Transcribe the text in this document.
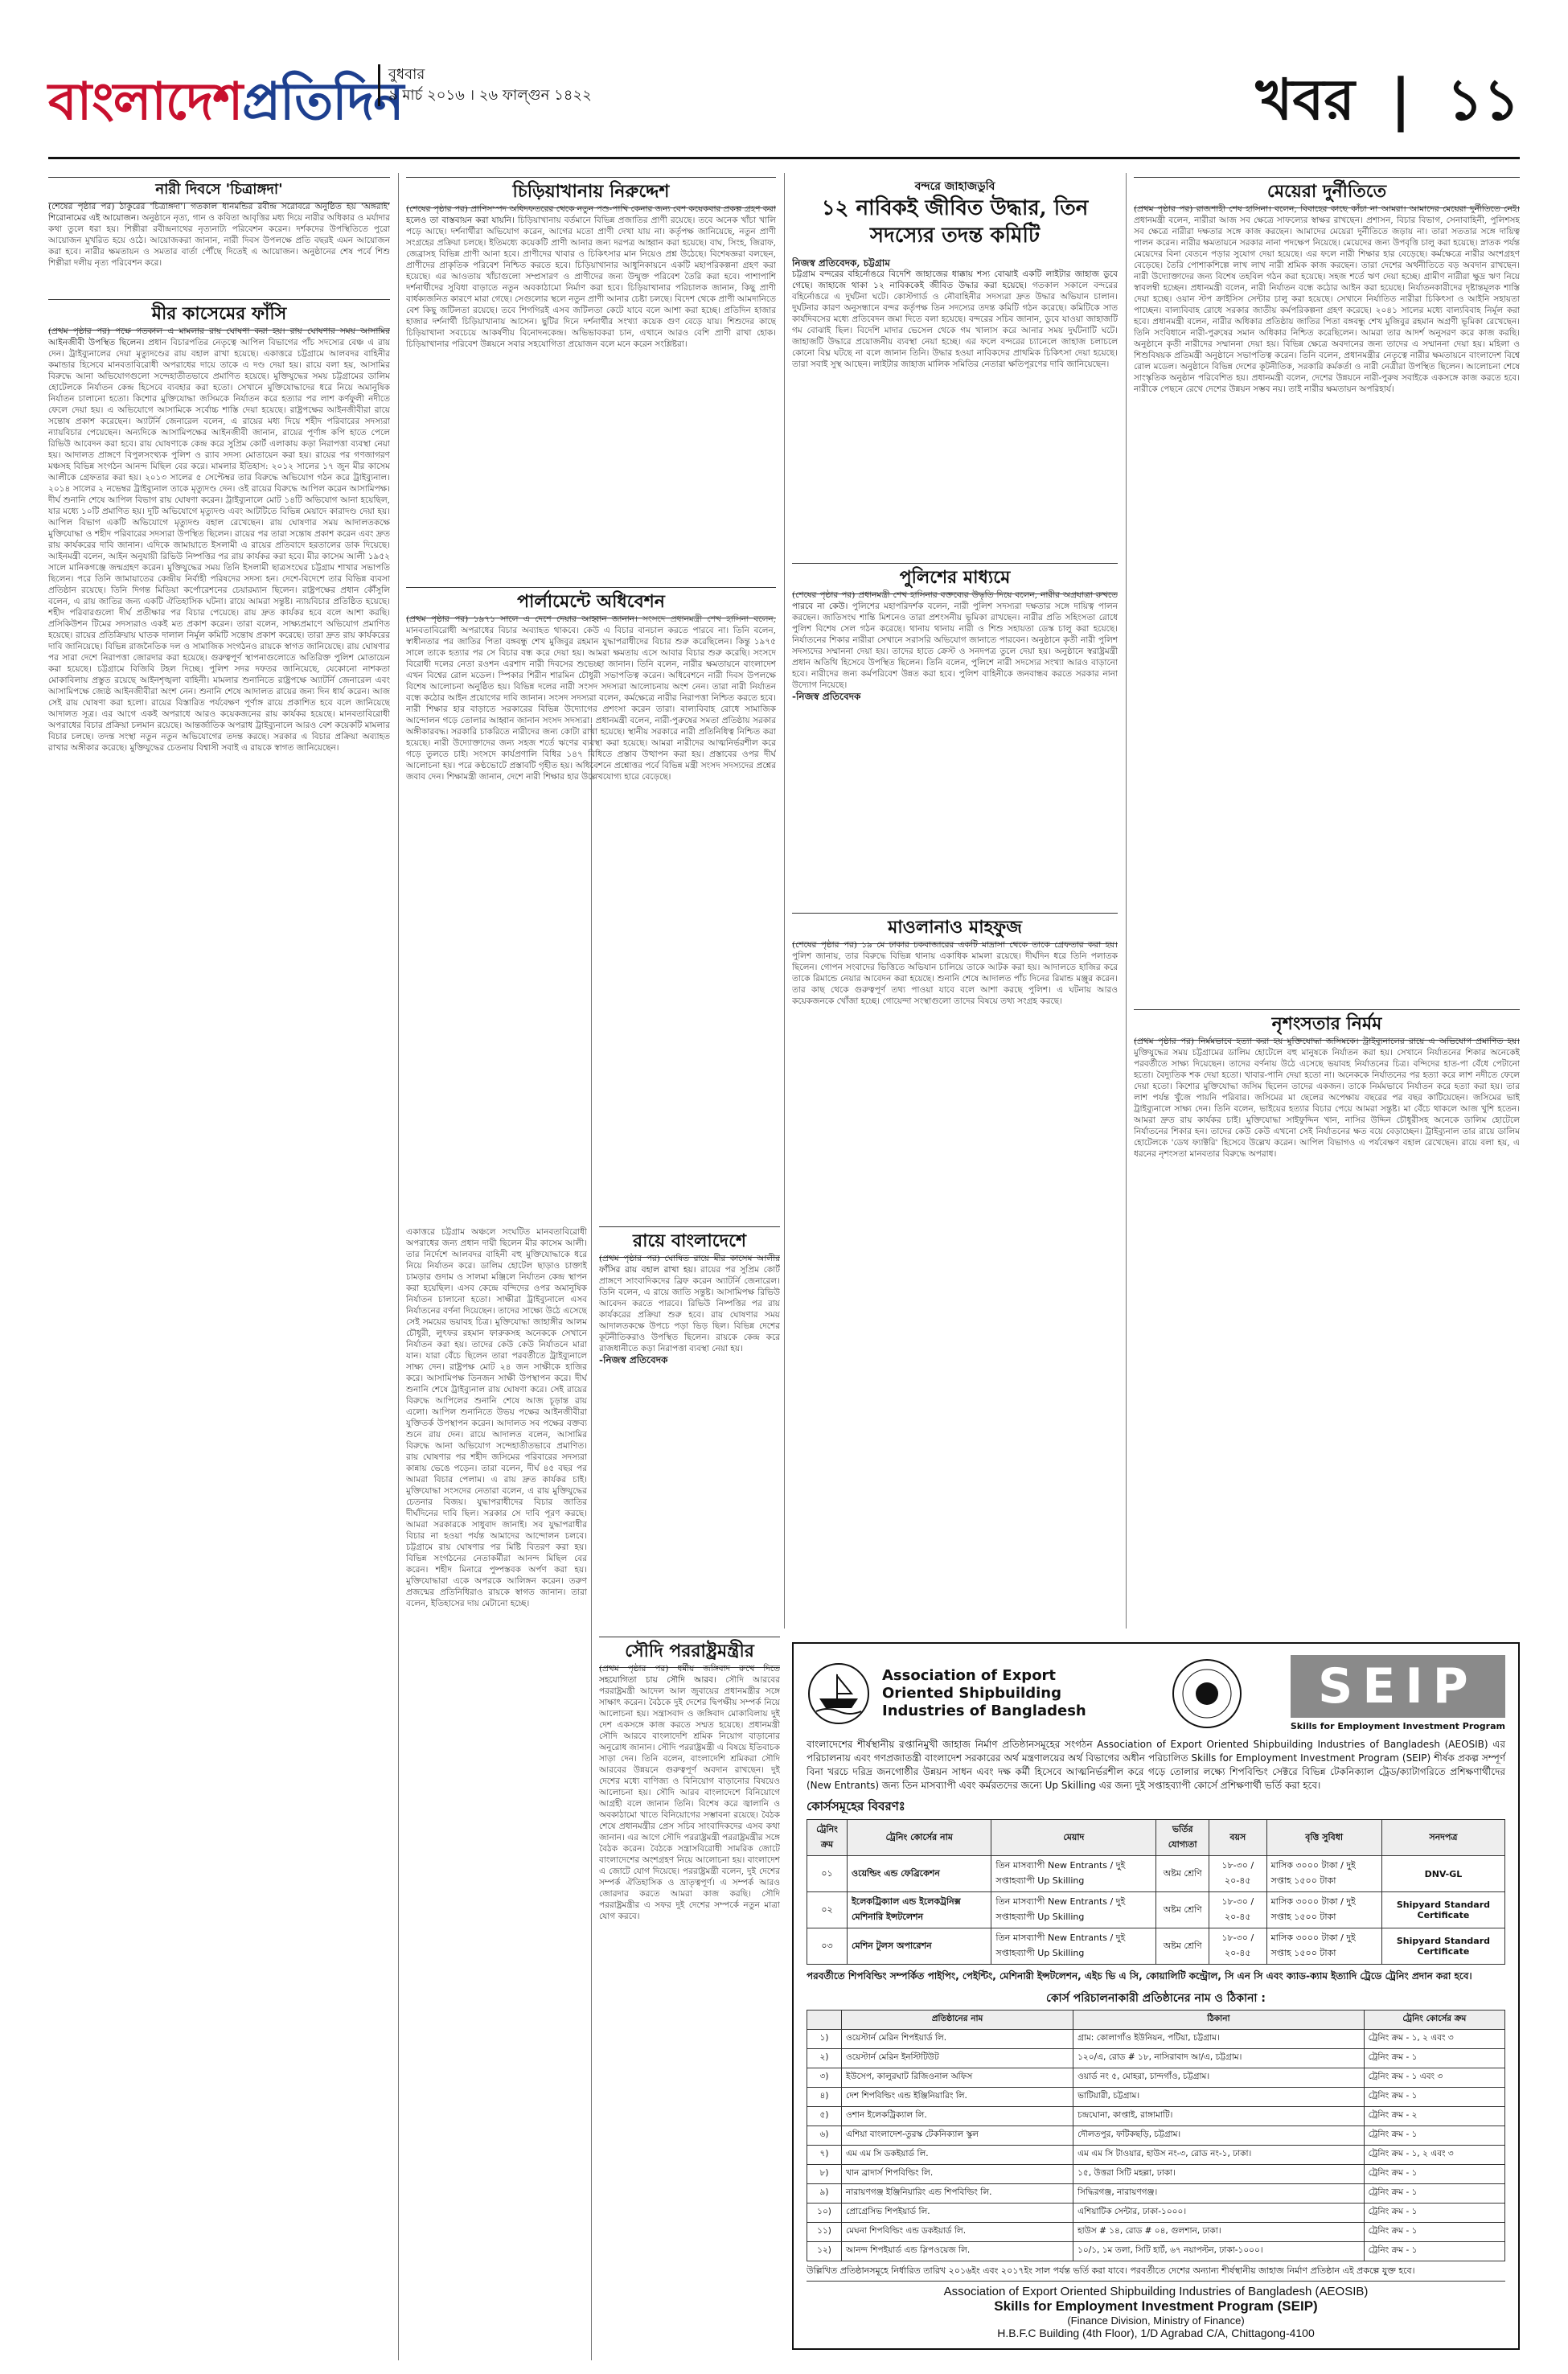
বাংলাদেশপ্রতিদিন
বুধবার
৯ মার্চ ২০১৬ । ২৬ ফাল্গুন ১৪২২	খবর | ১১
নারী দিবসে 'চিত্রাঙ্গদা'
(শেষের পৃষ্ঠার পর) ঠাকুরের 'চিত্রাঙ্গদা'। গতকাল ধানমন্ডির রবীন্দ্র সরোবরে অনুষ্ঠিত হয় 'অঙ্গরাই' শিরোনামের এই আয়োজন। অনুষ্ঠানে নৃত্য, গান ও কবিতা আবৃত্তির মধ্য দিয়ে নারীর অধিকার ও মর্যাদার কথা তুলে ধরা হয়। শিল্পীরা রবীন্দ্রনাথের নৃত্যনাট্য পরিবেশন করেন। দর্শকদের উপস্থিতিতে পুরো আয়োজন মুখরিত হয়ে ওঠে। আয়োজকরা জানান, নারী দিবস উপলক্ষে প্রতি বছরই এমন আয়োজন করা হবে। নারীর ক্ষমতায়ন ও সমতার বার্তা পৌঁছে দিতেই এ আয়োজন। অনুষ্ঠানের শেষ পর্বে শিশু শিল্পীরা দলীয় নৃত্য পরিবেশন করে।
মীর কাসেমের ফাঁসি
(প্রথম পৃষ্ঠার পর) পক্ষে গতকাল এ মামলার রায় ঘোষণা করা হয়। রায় ঘোষণার সময় আসামির আইনজীবী উপস্থিত ছিলেন। প্রধান বিচারপতির নেতৃত্বে আপিল বিভাগের পাঁচ সদস্যের বেঞ্চ এ রায় দেন। ট্রাইব্যুনালের দেয়া মৃত্যুদণ্ডের রায় বহাল রাখা হয়েছে। একাত্তরে চট্টগ্রামে আলবদর বাহিনীর কমান্ডার হিসেবে মানবতাবিরোধী অপরাধের দায়ে তাকে এ দণ্ড দেয়া হয়। রায়ে বলা হয়, আসামির বিরুদ্ধে আনা অভিযোগগুলো সন্দেহাতীতভাবে প্রমাণিত হয়েছে। মুক্তিযুদ্ধের সময় চট্টগ্রামের ডালিম হোটেলকে নির্যাতন কেন্দ্র হিসেবে ব্যবহার করা হতো। সেখানে মুক্তিযোদ্ধাদের ধরে নিয়ে অমানুষিক নির্যাতন চালানো হতো। কিশোর মুক্তিযোদ্ধা জসিমকে নির্যাতন করে হত্যার পর লাশ কর্ণফুলী নদীতে ফেলে দেয়া হয়। এ অভিযোগে আসামিকে সর্বোচ্চ শাস্তি দেয়া হয়েছে। রাষ্ট্রপক্ষের আইনজীবীরা রায়ে সন্তোষ প্রকাশ করেছেন। অ্যাটর্নি জেনারেল বলেন, এ রায়ের মধ্য দিয়ে শহীদ পরিবারের সদস্যরা ন্যায়বিচার পেয়েছেন। অন্যদিকে আসামিপক্ষের আইনজীবী জানান, রায়ের পূর্ণাঙ্গ কপি হাতে পেলে রিভিউ আবেদন করা হবে। রায় ঘোষণাকে কেন্দ্র করে সুপ্রিম কোর্ট এলাকায় কড়া নিরাপত্তা ব্যবস্থা নেয়া হয়। আদালত প্রাঙ্গণে বিপুলসংখ্যক পুলিশ ও র‌্যাব সদস্য মোতায়েন করা হয়। রায়ের পর গণজাগরণ মঞ্চসহ বিভিন্ন সংগঠন আনন্দ মিছিল বের করে। মামলার ইতিহাস: ২০১২ সালের ১৭ জুন মীর কাসেম আলীকে গ্রেফতার করা হয়। ২০১৩ সালের ৫ সেপ্টেম্বর তার বিরুদ্ধে অভিযোগ গঠন করে ট্রাইব্যুনাল। ২০১৪ সালের ২ নভেম্বর ট্রাইব্যুনাল তাকে মৃত্যুদণ্ড দেন। ওই রায়ের বিরুদ্ধে আপিল করেন আসামিপক্ষ। দীর্ঘ শুনানি শেষে আপিল বিভাগ রায় ঘোষণা করেন। ট্রাইব্যুনালে মোট ১৪টি অভিযোগ আনা হয়েছিল, যার মধ্যে ১০টি প্রমাণিত হয়। দুটি অভিযোগে মৃত্যুদণ্ড এবং আটটিতে বিভিন্ন মেয়াদে কারাদণ্ড দেয়া হয়। আপিল বিভাগ একটি অভিযোগে মৃত্যুদণ্ড বহাল রেখেছেন। রায় ঘোষণার সময় আদালতকক্ষে মুক্তিযোদ্ধা ও শহীদ পরিবারের সদস্যরা উপস্থিত ছিলেন। রায়ের পর তারা সন্তোষ প্রকাশ করেন এবং দ্রুত রায় কার্যকরের দাবি জানান। এদিকে জামায়াতে ইসলামী এ রায়ের প্রতিবাদে হরতালের ডাক দিয়েছে। আইনমন্ত্রী বলেন, আইন অনুযায়ী রিভিউ নিষ্পত্তির পর রায় কার্যকর করা হবে। মীর কাসেম আলী ১৯৫২ সালে মানিকগঞ্জে জন্মগ্রহণ করেন। মুক্তিযুদ্ধের সময় তিনি ইসলামী ছাত্রসংঘের চট্টগ্রাম শাখার সভাপতি ছিলেন। পরে তিনি জামায়াতের কেন্দ্রীয় নির্বাহী পরিষদের সদস্য হন। দেশে-বিদেশে তার বিভিন্ন ব্যবসা প্রতিষ্ঠান রয়েছে। তিনি দিগন্ত মিডিয়া কর্পোরেশনের চেয়ারম্যান ছিলেন। রাষ্ট্রপক্ষের প্রধান কৌঁসুলি বলেন, এ রায় জাতির জন্য একটি ঐতিহাসিক ঘটনা। রায়ে আমরা সন্তুষ্ট। ন্যায়বিচার প্রতিষ্ঠিত হয়েছে। শহীদ পরিবারগুলো দীর্ঘ প্রতীক্ষার পর বিচার পেয়েছে। রায় দ্রুত কার্যকর হবে বলে আশা করছি। প্রসিকিউশন টিমের সদস্যরাও একই মত প্রকাশ করেন। তারা বলেন, সাক্ষ্যপ্রমাণে অভিযোগ প্রমাণিত হয়েছে। রায়ের প্রতিক্রিয়ায় ঘাতক দালাল নির্মূল কমিটি সন্তোষ প্রকাশ করেছে। তারা দ্রুত রায় কার্যকরের দাবি জানিয়েছে। বিভিন্ন রাজনৈতিক দল ও সামাজিক সংগঠনও রায়কে স্বাগত জানিয়েছে। রায় ঘোষণার পর সারা দেশে নিরাপত্তা জোরদার করা হয়েছে। গুরুত্বপূর্ণ স্থাপনাগুলোতে অতিরিক্ত পুলিশ মোতায়েন করা হয়েছে। চট্টগ্রামে বিজিবি টহল দিচ্ছে। পুলিশ সদর দফতর জানিয়েছে, যেকোনো নাশকতা মোকাবিলায় প্রস্তুত রয়েছে আইনশৃঙ্খলা বাহিনী। মামলার শুনানিতে রাষ্ট্রপক্ষে অ্যাটর্নি জেনারেল এবং আসামিপক্ষে জ্যেষ্ঠ আইনজীবীরা অংশ নেন। শুনানি শেষে আদালত রায়ের জন্য দিন ধার্য করেন। আজ সেই রায় ঘোষণা করা হলো। রায়ের বিস্তারিত পর্যবেক্ষণ পূর্ণাঙ্গ রায়ে প্রকাশিত হবে বলে জানিয়েছে আদালত সূত্র। এর আগে একই অপরাধে আরও কয়েকজনের রায় কার্যকর হয়েছে। মানবতাবিরোধী অপরাধের বিচার প্রক্রিয়া চলমান রয়েছে। আন্তর্জাতিক অপরাধ ট্রাইব্যুনালে আরও বেশ কয়েকটি মামলার বিচার চলছে। তদন্ত সংস্থা নতুন নতুন অভিযোগের তদন্ত করছে। সরকার এ বিচার প্রক্রিয়া অব্যাহত রাখার অঙ্গীকার করেছে। মুক্তিযুদ্ধের চেতনায় বিশ্বাসী সবাই এ রায়কে স্বাগত জানিয়েছেন।
চিড়িয়াখানায় নিরুদ্দেশ
(শেষের পৃষ্ঠার পর) প্রাণিসম্পদ অধিদফতরের থেকে নতুন পশু-পাখি কেনার জন্য বেশ কয়েকবার প্রকল্প গ্রহণ করা হলেও তা বাস্তবায়ন করা যায়নি। চিড়িয়াখানায় বর্তমানে বিভিন্ন প্রজাতির প্রাণী রয়েছে। তবে অনেক খাঁচা খালি পড়ে আছে। দর্শনার্থীরা অভিযোগ করেন, আগের মতো প্রাণী দেখা যায় না। কর্তৃপক্ষ জানিয়েছে, নতুন প্রাণী সংগ্রহের প্রক্রিয়া চলছে। ইতিমধ্যে কয়েকটি প্রাণী আনার জন্য দরপত্র আহ্বান করা হয়েছে। বাঘ, সিংহ, জিরাফ, জেব্রাসহ বিভিন্ন প্রাণী আনা হবে। প্রাণীদের খাবার ও চিকিৎসার মান নিয়েও প্রশ্ন উঠেছে। বিশেষজ্ঞরা বলছেন, প্রাণীদের প্রাকৃতিক পরিবেশ নিশ্চিত করতে হবে। চিড়িয়াখানার আধুনিকায়নে একটি মহাপরিকল্পনা গ্রহণ করা হয়েছে। এর আওতায় খাঁচাগুলো সম্প্রসারণ ও প্রাণীদের জন্য উন্মুক্ত পরিবেশ তৈরি করা হবে। পাশাপাশি দর্শনার্থীদের সুবিধা বাড়াতে নতুন অবকাঠামো নির্মাণ করা হবে। চিড়িয়াখানার পরিচালক জানান, কিছু প্রাণী বার্ধক্যজনিত কারণে মারা গেছে। সেগুলোর স্থলে নতুন প্রাণী আনার চেষ্টা চলছে। বিদেশ থেকে প্রাণী আমদানিতে বেশ কিছু জটিলতা রয়েছে। তবে শিগগিরই এসব জটিলতা কেটে যাবে বলে আশা করা হচ্ছে। প্রতিদিন হাজার হাজার দর্শনার্থী চিড়িয়াখানায় আসেন। ছুটির দিনে দর্শনার্থীর সংখ্যা কয়েক গুণ বেড়ে যায়। শিশুদের কাছে চিড়িয়াখানা সবচেয়ে আকর্ষণীয় বিনোদনকেন্দ্র। অভিভাবকরা চান, এখানে আরও বেশি প্রাণী রাখা হোক। চিড়িয়াখানার পরিবেশ উন্নয়নে সবার সহযোগিতা প্রয়োজন বলে মনে করেন সংশ্লিষ্টরা।
পার্লামেন্টে অধিবেশন
(প্রথম পৃষ্ঠার পর) ১৯৭১ সালে এ দেশে দেয়ার আহ্বান জানান। সংসদে প্রধানমন্ত্রী শেখ হাসিনা বলেন, মানবতাবিরোধী অপরাধের বিচার অব্যাহত থাকবে। কেউ এ বিচার বানচাল করতে পারবে না। তিনি বলেন, স্বাধীনতার পর জাতির পিতা বঙ্গবন্ধু শেখ মুজিবুর রহমান যুদ্ধাপরাধীদের বিচার শুরু করেছিলেন। কিন্তু ১৯৭৫ সালে তাকে হত্যার পর সে বিচার বন্ধ করে দেয়া হয়। আমরা ক্ষমতায় এসে আবার বিচার শুরু করেছি। সংসদে বিরোধী দলের নেতা রওশন এরশাদ নারী দিবসের শুভেচ্ছা জানান। তিনি বলেন, নারীর ক্ষমতায়নে বাংলাদেশ এখন বিশ্বের রোল মডেল। স্পিকার শিরীন শারমিন চৌধুরী সভাপতিত্ব করেন। অধিবেশনে নারী দিবস উপলক্ষে বিশেষ আলোচনা অনুষ্ঠিত হয়। বিভিন্ন দলের নারী সংসদ সদস্যরা আলোচনায় অংশ নেন। তারা নারী নির্যাতন বন্ধে কঠোর আইন প্রয়োগের দাবি জানান। সংসদ সদস্যরা বলেন, কর্মক্ষেত্রে নারীর নিরাপত্তা নিশ্চিত করতে হবে। নারী শিক্ষার হার বাড়াতে সরকারের বিভিন্ন উদ্যোগের প্রশংসা করেন তারা। বাল্যবিবাহ রোধে সামাজিক আন্দোলন গড়ে তোলার আহ্বান জানান সংসদ সদস্যরা। প্রধানমন্ত্রী বলেন, নারী-পুরুষের সমতা প্রতিষ্ঠায় সরকার অঙ্গীকারবদ্ধ। সরকারি চাকরিতে নারীদের জন্য কোটা রাখা হয়েছে। স্থানীয় সরকারে নারী প্রতিনিধিত্ব নিশ্চিত করা হয়েছে। নারী উদ্যোক্তাদের জন্য সহজ শর্তে ঋণের ব্যবস্থা করা হয়েছে। আমরা নারীদের আত্মনির্ভরশীল করে গড়ে তুলতে চাই। সংসদে কার্যপ্রণালি বিধির ১৪৭ বিধিতে প্রস্তাব উত্থাপন করা হয়। প্রস্তাবের ওপর দীর্ঘ আলোচনা হয়। পরে কণ্ঠভোটে প্রস্তাবটি গৃহীত হয়। অধিবেশনে প্রশ্নোত্তর পর্বে বিভিন্ন মন্ত্রী সংসদ সদস্যদের প্রশ্নের জবাব দেন। শিক্ষামন্ত্রী জানান, দেশে নারী শিক্ষার হার উল্লেখযোগ্য হারে বেড়েছে।
রায়ে বাংলাদেশে
(প্রথম পৃষ্ঠার পর) ঘোষিত রায়ে মীর কাসেম আলীর ফাঁসির রায় বহাল রাখা হয়। রায়ের পর সুপ্রিম কোর্ট প্রাঙ্গণে সাংবাদিকদের ব্রিফ করেন অ্যাটর্নি জেনারেল। তিনি বলেন, এ রায়ে জাতি সন্তুষ্ট। আসামিপক্ষ রিভিউ আবেদন করতে পারবে। রিভিউ নিষ্পত্তির পর রায় কার্যকরের প্রক্রিয়া শুরু হবে। রায় ঘোষণার সময় আদালতকক্ষে উপচে পড়া ভিড় ছিল। বিভিন্ন দেশের কূটনীতিকরাও উপস্থিত ছিলেন। রায়কে কেন্দ্র করে রাজধানীতে কড়া নিরাপত্তা ব্যবস্থা নেয়া হয়।
-নিজস্ব প্রতিবেদক
একাত্তরে চট্টগ্রাম অঞ্চলে সংঘটিত মানবতাবিরোধী অপরাধের জন্য প্রধান দায়ী ছিলেন মীর কাসেম আলী। তার নির্দেশে আলবদর বাহিনী বহু মুক্তিযোদ্ধাকে ধরে নিয়ে নির্যাতন করে। ডালিম হোটেল ছাড়াও চাক্তাই চামড়ার গুদাম ও সালমা মঞ্জিলে নির্যাতন কেন্দ্র স্থাপন করা হয়েছিল। এসব কেন্দ্রে বন্দিদের ওপর অমানুষিক নির্যাতন চালানো হতো। সাক্ষীরা ট্রাইব্যুনালে এসব নির্যাতনের বর্ণনা দিয়েছেন। তাদের সাক্ষ্যে উঠে এসেছে সেই সময়ের ভয়াবহ চিত্র। মুক্তিযোদ্ধা জাহাঙ্গীর আলম চৌধুরী, লুৎফর রহমান ফারুকসহ অনেককে সেখানে নির্যাতন করা হয়। তাদের কেউ কেউ নির্যাতনে মারা যান। যারা বেঁচে ছিলেন তারা পরবর্তীতে ট্রাইব্যুনালে সাক্ষ্য দেন। রাষ্ট্রপক্ষ মোট ২৪ জন সাক্ষীকে হাজির করে। আসামিপক্ষ তিনজন সাক্ষী উপস্থাপন করে। দীর্ঘ শুনানি শেষে ট্রাইব্যুনাল রায় ঘোষণা করে। সেই রায়ের বিরুদ্ধে আপিলের শুনানি শেষে আজ চূড়ান্ত রায় এলো। আপিল শুনানিতে উভয় পক্ষের আইনজীবীরা যুক্তিতর্ক উপস্থাপন করেন। আদালত সব পক্ষের বক্তব্য শুনে রায় দেন। রায়ে আদালত বলেন, আসামির বিরুদ্ধে আনা অভিযোগ সন্দেহাতীতভাবে প্রমাণিত। রায় ঘোষণার পর শহীদ জসিমের পরিবারের সদস্যরা কান্নায় ভেঙে পড়েন। তারা বলেন, দীর্ঘ ৪৫ বছর পর আমরা বিচার পেলাম। এ রায় দ্রুত কার্যকর চাই। মুক্তিযোদ্ধা সংসদের নেতারা বলেন, এ রায় মুক্তিযুদ্ধের চেতনার বিজয়। যুদ্ধাপরাধীদের বিচার জাতির দীর্ঘদিনের দাবি ছিল। সরকার সে দাবি পূরণ করছে। আমরা সরকারকে সাধুবাদ জানাই। সব যুদ্ধাপরাধীর বিচার না হওয়া পর্যন্ত আমাদের আন্দোলন চলবে। চট্টগ্রামে রায় ঘোষণার পর মিষ্টি বিতরণ করা হয়। বিভিন্ন সংগঠনের নেতাকর্মীরা আনন্দ মিছিল বের করেন। শহীদ মিনারে পুষ্পস্তবক অর্পণ করা হয়। মুক্তিযোদ্ধারা একে অপরকে আলিঙ্গন করেন। তরুণ প্রজন্মের প্রতিনিধিরাও রায়কে স্বাগত জানান। তারা বলেন, ইতিহাসের দায় মেটানো হচ্ছে।
বন্দরে জাহাজডুবি
১২ নাবিকই জীবিত উদ্ধার, তিন সদস্যের তদন্ত কমিটি
নিজস্ব প্রতিবেদক, চট্টগ্রাম
চট্টগ্রাম বন্দরের বহির্নোঙরে বিদেশি জাহাজের ধাক্কায় শস্য বোঝাই একটি লাইটার জাহাজ ডুবে গেছে। জাহাজে থাকা ১২ নাবিককেই জীবিত উদ্ধার করা হয়েছে। গতকাল সকালে বন্দরের বহির্নোঙরে এ দুর্ঘটনা ঘটে। কোস্টগার্ড ও নৌবাহিনীর সদস্যরা দ্রুত উদ্ধার অভিযান চালান। দুর্ঘটনার কারণ অনুসন্ধানে বন্দর কর্তৃপক্ষ তিন সদস্যের তদন্ত কমিটি গঠন করেছে। কমিটিকে সাত কার্যদিবসের মধ্যে প্রতিবেদন জমা দিতে বলা হয়েছে। বন্দরের সচিব জানান, ডুবে যাওয়া জাহাজটি গম বোঝাই ছিল। বিদেশি মাদার ভেসেল থেকে গম খালাস করে আনার সময় দুর্ঘটনাটি ঘটে। জাহাজটি উদ্ধারে প্রয়োজনীয় ব্যবস্থা নেয়া হচ্ছে। এর ফলে বন্দরের চ্যানেলে জাহাজ চলাচলে কোনো বিঘ্ন ঘটছে না বলে জানান তিনি। উদ্ধার হওয়া নাবিকদের প্রাথমিক চিকিৎসা দেয়া হয়েছে। তারা সবাই সুস্থ আছেন। লাইটার জাহাজ মালিক সমিতির নেতারা ক্ষতিপূরণের দাবি জানিয়েছেন।
পুলিশের মাধ্যমে
(শেষের পৃষ্ঠার পর) প্রধানমন্ত্রী শেখ হাসিনার বক্তব্যের উদ্ধৃতি দিয়ে বলেন, নারীর অগ্রযাত্রা রুখতে পারবে না কেউ। পুলিশের মহাপরিদর্শক বলেন, নারী পুলিশ সদস্যরা দক্ষতার সঙ্গে দায়িত্ব পালন করছেন। জাতিসংঘ শান্তি মিশনেও তারা প্রশংসনীয় ভূমিকা রাখছেন। নারীর প্রতি সহিংসতা রোধে পুলিশ বিশেষ সেল গঠন করেছে। থানায় থানায় নারী ও শিশু সহায়তা ডেস্ক চালু করা হয়েছে। নির্যাতনের শিকার নারীরা সেখানে সরাসরি অভিযোগ জানাতে পারবেন। অনুষ্ঠানে কৃতী নারী পুলিশ সদস্যদের সম্মাননা দেয়া হয়। তাদের হাতে ক্রেস্ট ও সনদপত্র তুলে দেয়া হয়। অনুষ্ঠানে স্বরাষ্ট্রমন্ত্রী প্রধান অতিথি হিসেবে উপস্থিত ছিলেন। তিনি বলেন, পুলিশে নারী সদস্যের সংখ্যা আরও বাড়ানো হবে। নারীদের জন্য কর্মপরিবেশ উন্নত করা হবে। পুলিশ বাহিনীকে জনবান্ধব করতে সরকার নানা উদ্যোগ নিয়েছে।
-নিজস্ব প্রতিবেদক
মাওলানাও মাহফুজ
(শেষের পৃষ্ঠার পর) ১৯ মে ঢাকার চকবাজারের একটি মাদ্রাসা থেকে তাকে গ্রেফতার করা হয়। পুলিশ জানায়, তার বিরুদ্ধে বিভিন্ন থানায় একাধিক মামলা রয়েছে। দীর্ঘদিন ধরে তিনি পলাতক ছিলেন। গোপন সংবাদের ভিত্তিতে অভিযান চালিয়ে তাকে আটক করা হয়। আদালতে হাজির করে তাকে রিমান্ডে নেয়ার আবেদন করা হয়েছে। শুনানি শেষে আদালত পাঁচ দিনের রিমান্ড মঞ্জুর করেন। তার কাছ থেকে গুরুত্বপূর্ণ তথ্য পাওয়া যাবে বলে আশা করছে পুলিশ। এ ঘটনায় আরও কয়েকজনকে খোঁজা হচ্ছে। গোয়েন্দা সংস্থাগুলো তাদের বিষয়ে তথ্য সংগ্রহ করছে।
সৌদি পররাষ্ট্রমন্ত্রীর
(প্রথম পৃষ্ঠার পর) ধর্মীয় জঙ্গিবাদ রুখে দিতে সহযোগিতা চায় সৌদি আরব। সৌদি আরবের পররাষ্ট্রমন্ত্রী আদেল আল জুবায়ের প্রধানমন্ত্রীর সঙ্গে সাক্ষাৎ করেন। বৈঠকে দুই দেশের দ্বিপক্ষীয় সম্পর্ক নিয়ে আলোচনা হয়। সন্ত্রাসবাদ ও জঙ্গিবাদ মোকাবিলায় দুই দেশ একসঙ্গে কাজ করতে সম্মত হয়েছে। প্রধানমন্ত্রী সৌদি আরবে বাংলাদেশি শ্রমিক নিয়োগ বাড়ানোর অনুরোধ জানান। সৌদি পররাষ্ট্রমন্ত্রী এ বিষয়ে ইতিবাচক সাড়া দেন। তিনি বলেন, বাংলাদেশি শ্রমিকরা সৌদি আরবের উন্নয়নে গুরুত্বপূর্ণ অবদান রাখছেন। দুই দেশের মধ্যে বাণিজ্য ও বিনিয়োগ বাড়ানোর বিষয়েও আলোচনা হয়। সৌদি আরব বাংলাদেশে বিনিয়োগে আগ্রহী বলে জানান তিনি। বিশেষ করে জ্বালানি ও অবকাঠামো খাতে বিনিয়োগের সম্ভাবনা রয়েছে। বৈঠক শেষে প্রধানমন্ত্রীর প্রেস সচিব সাংবাদিকদের এসব কথা জানান। এর আগে সৌদি পররাষ্ট্রমন্ত্রী পররাষ্ট্রমন্ত্রীর সঙ্গে বৈঠক করেন। বৈঠকে সন্ত্রাসবিরোধী সামরিক জোটে বাংলাদেশের অংশগ্রহণ নিয়ে আলোচনা হয়। বাংলাদেশ এ জোটে যোগ দিয়েছে। পররাষ্ট্রমন্ত্রী বলেন, দুই দেশের সম্পর্ক ঐতিহাসিক ও ভ্রাতৃত্বপূর্ণ। এ সম্পর্ক আরও জোরদার করতে আমরা কাজ করছি। সৌদি পররাষ্ট্রমন্ত্রীর এ সফর দুই দেশের সম্পর্কে নতুন মাত্রা যোগ করবে।
মেয়েরা দুর্নীতিতে
(প্রথম পৃষ্ঠার পর) রাজশাহী শেষ হাসিনা। বলেন, বিবাহের কাছে কাঁচা না আমরা। আমাদের মেয়েরা দুর্নীতিতে নেই। প্রধানমন্ত্রী বলেন, নারীরা আজ সব ক্ষেত্রে সাফল্যের স্বাক্ষর রাখছেন। প্রশাসন, বিচার বিভাগ, সেনাবাহিনী, পুলিশসহ সব ক্ষেত্রে নারীরা দক্ষতার সঙ্গে কাজ করছেন। আমাদের মেয়েরা দুর্নীতিতে জড়ায় না। তারা সততার সঙ্গে দায়িত্ব পালন করেন। নারীর ক্ষমতায়নে সরকার নানা পদক্ষেপ নিয়েছে। মেয়েদের জন্য উপবৃত্তি চালু করা হয়েছে। স্নাতক পর্যন্ত মেয়েদের বিনা বেতনে পড়ার সুযোগ দেয়া হয়েছে। এর ফলে নারী শিক্ষার হার বেড়েছে। কর্মক্ষেত্রে নারীর অংশগ্রহণ বেড়েছে। তৈরি পোশাকশিল্পে লাখ লাখ নারী শ্রমিক কাজ করছেন। তারা দেশের অর্থনীতিতে বড় অবদান রাখছেন। নারী উদ্যোক্তাদের জন্য বিশেষ তহবিল গঠন করা হয়েছে। সহজ শর্তে ঋণ দেয়া হচ্ছে। গ্রামীণ নারীরা ক্ষুদ্র ঋণ নিয়ে স্বাবলম্বী হচ্ছেন। প্রধানমন্ত্রী বলেন, নারী নির্যাতন বন্ধে কঠোর আইন করা হয়েছে। নির্যাতনকারীদের দৃষ্টান্তমূলক শাস্তি দেয়া হচ্ছে। ওয়ান স্টপ ক্রাইসিস সেন্টার চালু করা হয়েছে। সেখানে নির্যাতিত নারীরা চিকিৎসা ও আইনি সহায়তা পাচ্ছেন। বাল্যবিবাহ রোধে সরকার জাতীয় কর্মপরিকল্পনা গ্রহণ করেছে। ২০৪১ সালের মধ্যে বাল্যবিবাহ নির্মূল করা হবে। প্রধানমন্ত্রী বলেন, নারীর অধিকার প্রতিষ্ঠায় জাতির পিতা বঙ্গবন্ধু শেখ মুজিবুর রহমান অগ্রণী ভূমিকা রেখেছেন। তিনি সংবিধানে নারী-পুরুষের সমান অধিকার নিশ্চিত করেছিলেন। আমরা তার আদর্শ অনুসরণ করে কাজ করছি। অনুষ্ঠানে কৃতী নারীদের সম্মাননা দেয়া হয়। বিভিন্ন ক্ষেত্রে অবদানের জন্য তাদের এ সম্মাননা দেয়া হয়। মহিলা ও শিশুবিষয়ক প্রতিমন্ত্রী অনুষ্ঠানে সভাপতিত্ব করেন। তিনি বলেন, প্রধানমন্ত্রীর নেতৃত্বে নারীর ক্ষমতায়নে বাংলাদেশ বিশ্বে রোল মডেল। অনুষ্ঠানে বিভিন্ন দেশের কূটনীতিক, সরকারি কর্মকর্তা ও নারী নেত্রীরা উপস্থিত ছিলেন। আলোচনা শেষে সাংস্কৃতিক অনুষ্ঠান পরিবেশিত হয়। প্রধানমন্ত্রী বলেন, দেশের উন্নয়নে নারী-পুরুষ সবাইকে একসঙ্গে কাজ করতে হবে। নারীকে পেছনে রেখে দেশের উন্নয়ন সম্ভব নয়। তাই নারীর ক্ষমতায়ন অপরিহার্য।
নৃশংসতার নির্মম
(প্রথম পৃষ্ঠার পর) নির্মমভাবে হত্যা করা হয় মুক্তিযোদ্ধা জসিমকে। ট্রাইব্যুনালের রায়ে এ অভিযোগ প্রমাণিত হয়। মুক্তিযুদ্ধের সময় চট্টগ্রামের ডালিম হোটেলে বহু মানুষকে নির্যাতন করা হয়। সেখানে নির্যাতনের শিকার অনেকেই পরবর্তীতে সাক্ষ্য দিয়েছেন। তাদের বর্ণনায় উঠে এসেছে ভয়াবহ নির্যাতনের চিত্র। বন্দিদের হাত-পা বেঁধে পেটানো হতো। বৈদ্যুতিক শক দেয়া হতো। খাবার-পানি দেয়া হতো না। অনেককে নির্যাতনের পর হত্যা করে লাশ নদীতে ফেলে দেয়া হতো। কিশোর মুক্তিযোদ্ধা জসিম ছিলেন তাদের একজন। তাকে নির্মমভাবে নির্যাতন করে হত্যা করা হয়। তার লাশ পর্যন্ত খুঁজে পায়নি পরিবার। জসিমের মা ছেলের অপেক্ষায় বছরের পর বছর কাটিয়েছেন। জসিমের ভাই ট্রাইব্যুনালে সাক্ষ্য দেন। তিনি বলেন, ভাইয়ের হত্যার বিচার পেয়ে আমরা সন্তুষ্ট। মা বেঁচে থাকলে আজ খুশি হতেন। আমরা দ্রুত রায় কার্যকর চাই। মুক্তিযোদ্ধা সাইফুদ্দিন খান, নাসির উদ্দিন চৌধুরীসহ অনেকে ডালিম হোটেলে নির্যাতনের শিকার হন। তাদের কেউ কেউ এখনো সেই নির্যাতনের ক্ষত বয়ে বেড়াচ্ছেন। ট্রাইব্যুনাল তার রায়ে ডালিম হোটেলকে 'ডেথ ফ্যাক্টরি' হিসেবে উল্লেখ করেন। আপিল বিভাগও এ পর্যবেক্ষণ বহাল রেখেছেন। রায়ে বলা হয়, এ ধরনের নৃশংসতা মানবতার বিরুদ্ধে অপরাধ।
Association of Export Oriented Shipbuilding Industries of Bangladesh	SEIP
Skills for Employment Investment Program
বাংলাদেশের শীর্ষস্থানীয় রপ্তানিমুখী জাহাজ নির্মাণ প্রতিষ্ঠানসমূহের সংগঠন Association of Export Oriented Shipbuilding Industries of Bangladesh (AEOSIB) এর পরিচালনায় এবং গণপ্রজাতন্ত্রী বাংলাদেশ সরকারের অর্থ মন্ত্রণালয়ের অর্থ বিভাগের অধীন পরিচালিত Skills for Employment Investment Program (SEIP) শীর্ষক প্রকল্প সম্পূর্ণ বিনা খরচে দরিদ্র জনগোষ্ঠীর উন্নয়ন সাধন এবং দক্ষ কর্মী হিসেবে আত্মনির্ভরশীল করে গড়ে তোলার লক্ষ্যে শিপবিল্ডিং সেক্টরে বিভিন্ন টেকনিক্যাল ট্রেড/ক্যাটাগরিতে প্রশিক্ষণার্থীদের (New Entrants) জন্য তিন মাসব্যাপী এবং কর্মরতদের জন্যে Up Skilling এর জন্য দুই সপ্তাহব্যাপী কোর্সে প্রশিক্ষণার্থী ভর্তি করা হবে।
কোর্সসমূহের বিবরণঃ
ট্রেনিং ক্রম	ট্রেনিং কোর্সের নাম	মেয়াদ	ভর্তির যোগ্যতা	বয়স	বৃত্তি সুবিধা	সনদপত্র
০১	ওয়েল্ডিং এন্ড ফেব্রিকেশন	তিন মাসব্যাপী New Entrants / দুই সপ্তাহব্যাপী Up Skilling	অষ্টম শ্রেণি	১৮-৩০ / ২০-৪৫	মাসিক ৩০০০ টাকা / দুই সপ্তাহ ১৫০০ টাকা	DNV-GL
০২	ইলেকট্রিক্যাল এন্ড ইলেকট্রনিক্স মেশিনারি ইন্সটলেশন	তিন মাসব্যাপী New Entrants / দুই সপ্তাহব্যাপী Up Skilling	অষ্টম শ্রেণি	১৮-৩০ / ২০-৪৫	মাসিক ৩০০০ টাকা / দুই সপ্তাহ ১৫০০ টাকা	Shipyard Standard Certificate
০৩	মেশিন টুলস অপারেশন	তিন মাসব্যাপী New Entrants / দুই সপ্তাহব্যাপী Up Skilling	অষ্টম শ্রেণি	১৮-৩০ / ২০-৪৫	মাসিক ৩০০০ টাকা / দুই সপ্তাহ ১৫০০ টাকা	Shipyard Standard Certificate
পরবর্তীতে শিপবিল্ডিং সম্পর্কিত পাইপিং, পেইন্টিং, মেশিনারী ইন্সটলেশন, এইচ ভি এ সি, কোয়ালিটি কন্ট্রোল, সি এন সি এবং ক্যাড-ক্যাম ইত্যাদি ট্রেডে ট্রেনিং প্রদান করা হবে।
কোর্স পরিচালনাকারী প্রতিষ্ঠানের নাম ও ঠিকানা :
	প্রতিষ্ঠানের নাম	ঠিকানা	ট্রেনিং কোর্সের ক্রম
১)	ওয়েস্টার্ন মেরিন শিপইয়ার্ড লি.	গ্রাম: কোলাগাঁও ইউনিয়ন, পটিয়া, চট্টগ্রাম।	ট্রেনিং ক্রম - ১, ২ এবং ৩
২)	ওয়েস্টার্ন মেরিন ইনস্টিটিউট	১২০/এ, রোড # ১৮, নাসিরাবাদ আ/এ, চট্টগ্রাম।	ট্রেনিং ক্রম - ১
৩)	ইউসেপ, কালুরঘাট রিজিওনাল অফিস	ওয়ার্ড নং ৫, মোহরা, চান্দগাঁও, চট্টগ্রাম।	ট্রেনিং ক্রম - ১ এবং ৩
৪)	দেশ শিপবিল্ডিং এন্ড ইঞ্জিনিয়ারিং লি.	ভাটিয়ারী, চট্টগ্রাম।	ট্রেনিং ক্রম - ১
৫)	ওশান ইলেকট্রিক্যাল লি.	চন্দ্রঘোনা, কাপ্তাই, রাঙ্গামাটি।	ট্রেনিং ক্রম - ২
৬)	এশিয়া বাংলাদেশ-তুরস্ক টেকনিক্যাল স্কুল	দৌলতপুর, ফটিকছড়ি, চট্টগ্রাম।	ট্রেনিং ক্রম - ১
৭)	এম এম সি ডকইয়ার্ড লি.	এম এম সি টাওয়ার, হাউস নং-৩, রোড নং-১, ঢাকা।	ট্রেনিং ক্রম - ১, ২ এবং ৩
৮)	খান ব্রাদার্স শিপবিল্ডিং লি.	১৫, উত্তরা সিটি মহল্লা, ঢাকা।	ট্রেনিং ক্রম - ১
৯)	নারায়ণগঞ্জ ইঞ্জিনিয়ারিং এন্ড শিপবিল্ডিং লি.	সিদ্ধিরগঞ্জ, নারায়ণগঞ্জ।	ট্রেনিং ক্রম - ১
১০)	প্রোগ্রেসিভ শিপইয়ার্ড লি.	এশিয়াটিক সেন্টার, ঢাকা-১০০০।	ট্রেনিং ক্রম - ১
১১)	মেঘনা শিপবিল্ডিং এন্ড ডকইয়ার্ড লি.	হাউস # ১৪, রোড # ০৪, গুলশান, ঢাকা।	ট্রেনিং ক্রম - ১
১২)	আনন্দ শিপইয়ার্ড এন্ড স্লিপওয়েজ লি.	১০/১, ১ম তলা, সিটি হার্ট, ৬৭ নয়াপল্টন, ঢাকা-১০০০।	ট্রেনিং ক্রম - ১
উল্লিখিত প্রতিষ্ঠানসমূহে নির্ধারিত তারিখ ২০১৬ইং এবং ২০১৭ইং সাল পর্যন্ত ভর্তি করা যাবে। পরবর্তীতে দেশের অন্যান্য শীর্ষস্থানীয় জাহাজ নির্মাণ প্রতিষ্ঠান এই প্রকল্পে যুক্ত হবে।
Association of Export Oriented Shipbuilding Industries of Bangladesh (AEOSIB)
Skills for Employment Investment Program (SEIP)
(Finance Division, Ministry of Finance)
H.B.F.C Building (4th Floor), 1/D Agrabad C/A, Chittagong-4100
